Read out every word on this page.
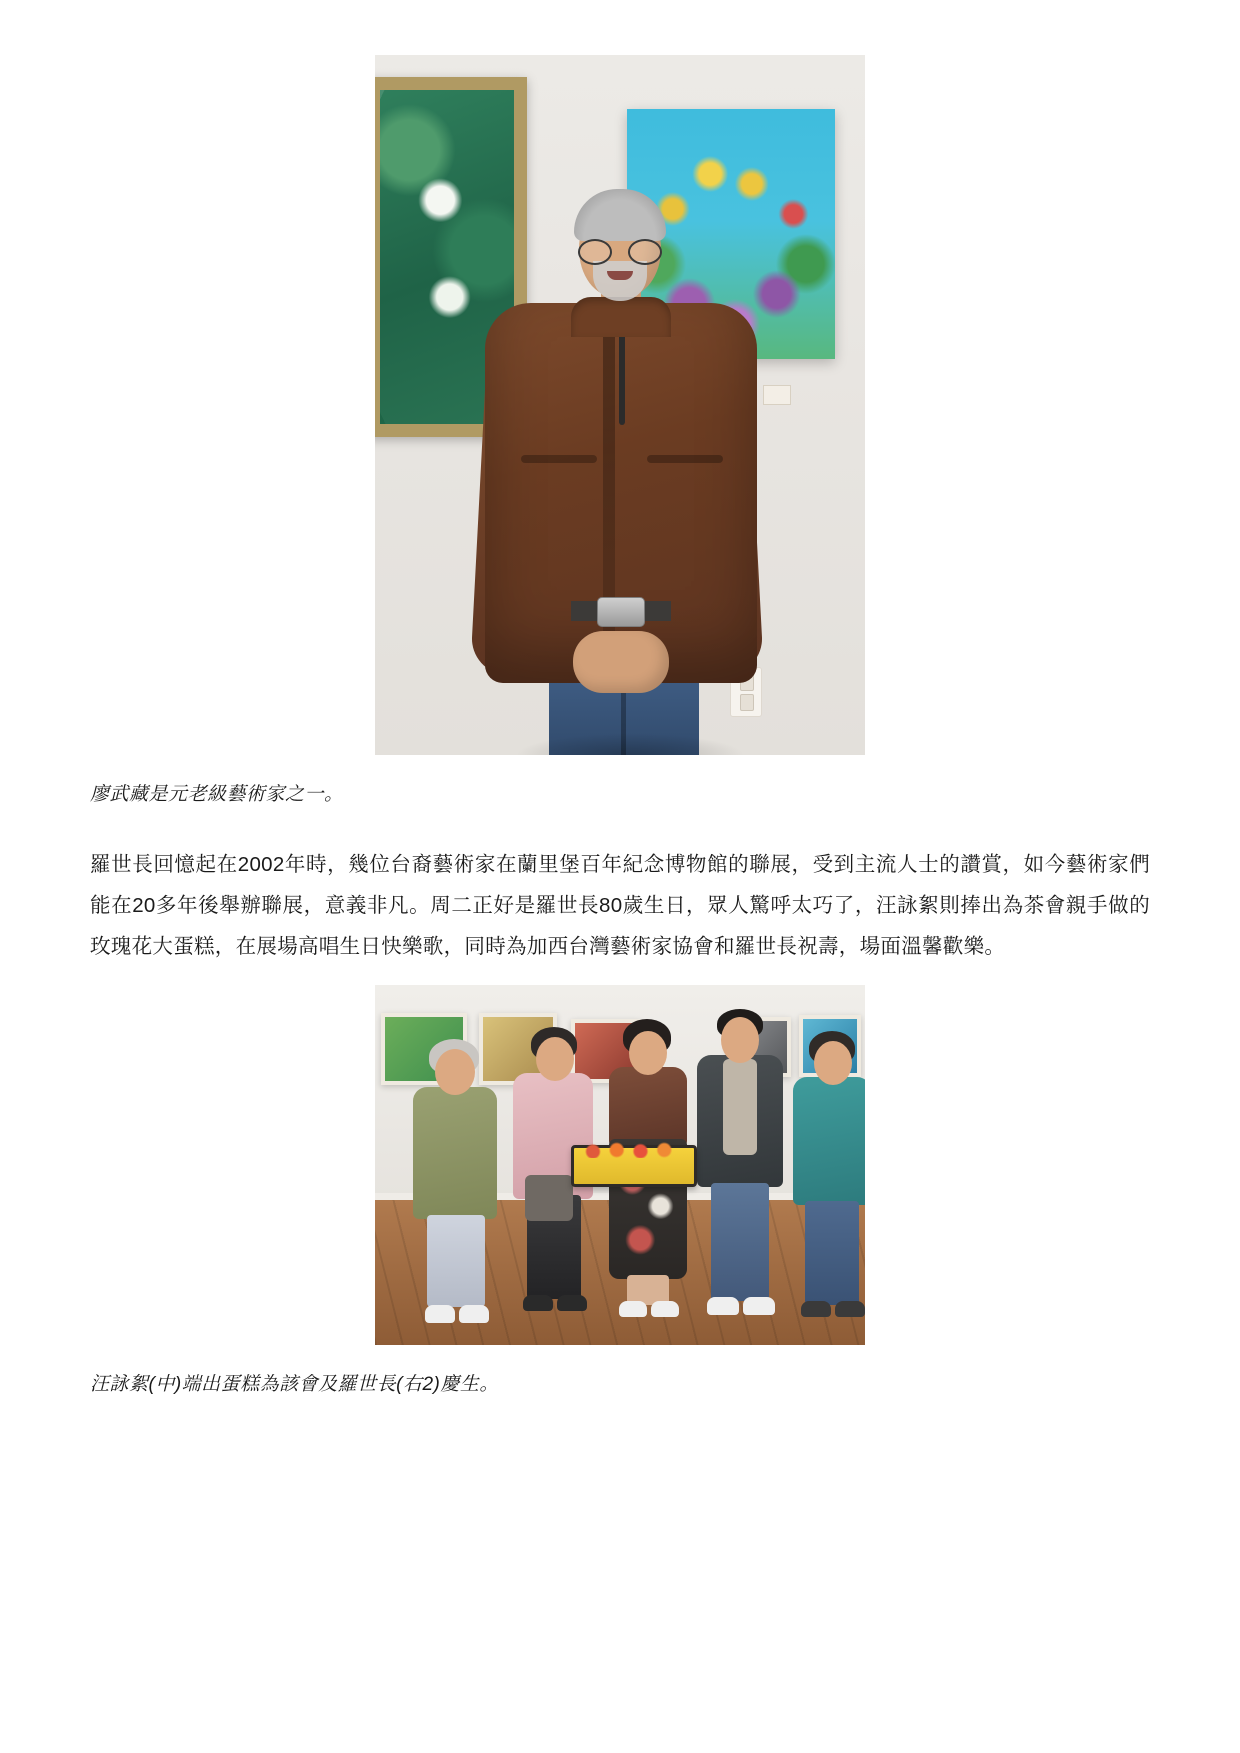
廖武藏是元老級藝術家之一。

羅世長回憶起在2002年時，幾位台裔藝術家在蘭里堡百年紀念博物館的聯展，受到主流人士的讚賞，如今藝術家們能在20多年後舉辦聯展，意義非凡。周二正好是羅世長80歲生日，眾人驚呼太巧了，汪詠絮則捧出為茶會親手做的玫瑰花大蛋糕，在展場高唱生日快樂歌，同時為加西台灣藝術家協會和羅世長祝壽，場面溫馨歡樂。

汪詠絮(中)端出蛋糕為該會及羅世長(右2)慶生。
